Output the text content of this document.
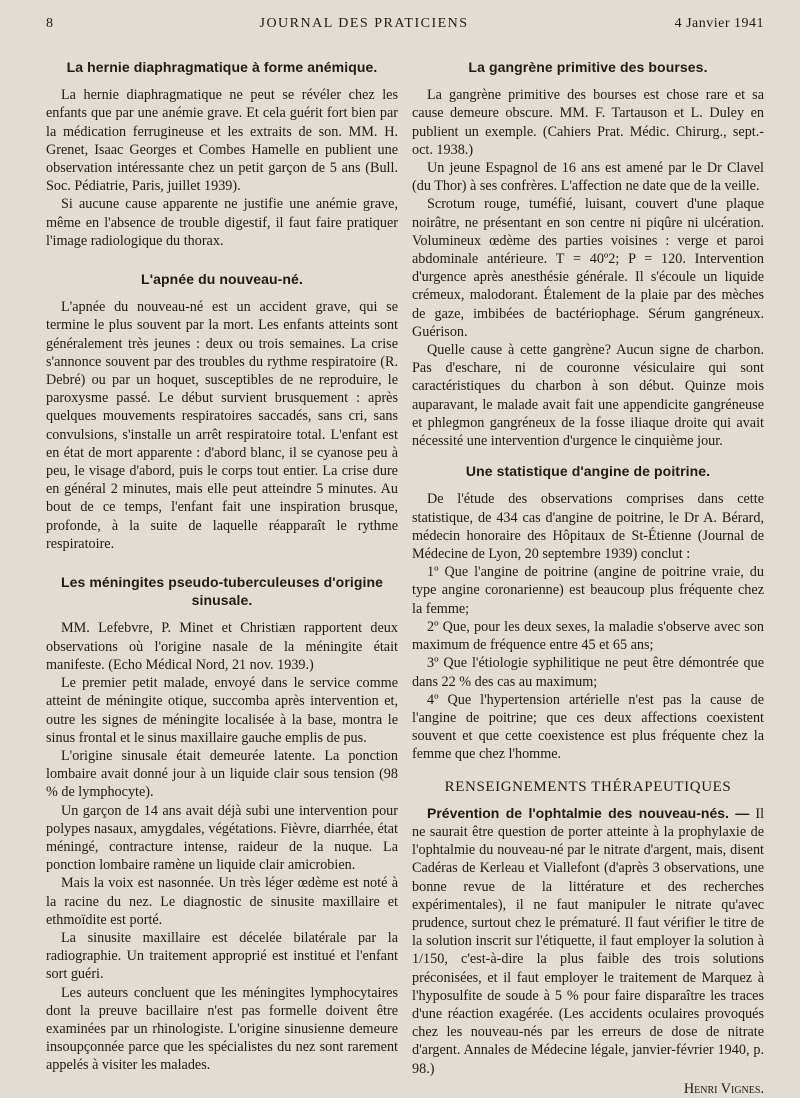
8	JOURNAL DES PRATICIENS	4 Janvier 1941
La hernie diaphragmatique à forme anémique.

La hernie diaphragmatique ne peut se révéler chez les enfants que par une anémie grave. Et cela guérit fort bien par la médication ferrugineuse et les extraits de son. MM. H. Grenet, Isaac Georges et Combes Hamelle en publient une observation intéressante chez un petit garçon de 5 ans (Bull. Soc. Pédiatrie, Paris, juillet 1939).

Si aucune cause apparente ne justifie une anémie grave, même en l'absence de trouble digestif, il faut faire pratiquer l'image radiologique du thorax.

L'apnée du nouveau-né.

L'apnée du nouveau-né est un accident grave, qui se termine le plus souvent par la mort. Les enfants atteints sont généralement très jeunes : deux ou trois semaines. La crise s'annonce souvent par des troubles du rythme respiratoire (R. Debré) ou par un hoquet, susceptibles de ne reproduire, le paroxysme passé. Le début survient brusquement : après quelques mouvements respiratoires saccadés, sans cri, sans convulsions, s'installe un arrêt respiratoire total. L'enfant est en état de mort apparente : d'abord blanc, il se cyanose peu à peu, le visage d'abord, puis le corps tout entier. La crise dure en général 2 minutes, mais elle peut atteindre 5 minutes. Au bout de ce temps, l'enfant fait une inspiration brusque, profonde, à la suite de laquelle réapparaît le rythme respiratoire.

Les méningites pseudo-tuberculeuses d'origine sinusale.

MM. Lefebvre, P. Minet et Christiæn rapportent deux observations où l'origine nasale de la méningite était manifeste. (Echo Médical Nord, 21 nov. 1939.)

Le premier petit malade, envoyé dans le service comme atteint de méningite otique, succomba après intervention et, outre les signes de méningite localisée à la base, montra le sinus frontal et le sinus maxillaire gauche emplis de pus.

L'origine sinusale était demeurée latente. La ponction lombaire avait donné jour à un liquide clair sous tension (98 % de lymphocyte).

Un garçon de 14 ans avait déjà subi une intervention pour polypes nasaux, amygdales, végétations. Fièvre, diarrhée, état méningé, contracture intense, raideur de la nuque. La ponction lombaire ramène un liquide clair amicrobien.

Mais la voix est nasonnée. Un très léger œdème est noté à la racine du nez. Le diagnostic de sinusite maxillaire et ethmoïdite est porté.

La sinusite maxillaire est décelée bilatérale par la radiographie. Un traitement approprié est institué et l'enfant sort guéri.

Les auteurs concluent que les méningites lymphocytaires dont la preuve bacillaire n'est pas formelle doivent être examinées par un rhinologiste. L'origine sinusienne demeure insoupçonnée parce que les spécialistes du nez sont rarement appelés à visiter les malades.

La gangrène primitive des bourses.

La gangrène primitive des bourses est chose rare et sa cause demeure obscure. MM. F. Tartauson et L. Duley en publient un exemple. (Cahiers Prat. Médic. Chirurg., sept.-oct. 1938.)

Un jeune Espagnol de 16 ans est amené par le Dr Clavel (du Thor) à ses confrères. L'affection ne date que de la veille.

Scrotum rouge, tuméfié, luisant, couvert d'une plaque noirâtre, ne présentant en son centre ni piqûre ni ulcération. Volumineux œdème des parties voisines : verge et paroi abdominale antérieure. T = 40º2; P = 120. Intervention d'urgence après anesthésie générale. Il s'écoule un liquide crémeux, malodorant. Étalement de la plaie par des mèches de gaze, imbibées de bactériophage. Sérum gangréneux. Guérison.

Quelle cause à cette gangrène? Aucun signe de charbon. Pas d'eschare, ni de couronne vésiculaire qui sont caractéristiques du charbon à son début. Quinze mois auparavant, le malade avait fait une appendicite gangréneuse et phlegmon gangréneux de la fosse iliaque droite qui avait nécessité une intervention d'urgence le cinquième jour.

Une statistique d'angine de poitrine.

De l'étude des observations comprises dans cette statistique, de 434 cas d'angine de poitrine, le Dr A. Bérard, médecin honoraire des Hôpitaux de St-Étienne (Journal de Médecine de Lyon, 20 septembre 1939) conclut :

1º Que l'angine de poitrine (angine de poitrine vraie, du type angine coronarienne) est beaucoup plus fréquente chez la femme;

2º Que, pour les deux sexes, la maladie s'observe avec son maximum de fréquence entre 45 et 65 ans;

3º Que l'étiologie syphilitique ne peut être démontrée que dans 22 % des cas au maximum;

4º Que l'hypertension artérielle n'est pas la cause de l'angine de poitrine; que ces deux affections coexistent souvent et que cette coexistence est plus fréquente chez la femme que chez l'homme.

RENSEIGNEMENTS THÉRAPEUTIQUES

Prévention de l'ophtalmie des nouveau-nés. — Il ne saurait être question de porter atteinte à la prophylaxie de l'ophtalmie du nouveau-né par le nitrate d'argent, mais, disent Cadéras de Kerleau et Viallefont (d'après 3 observations, une bonne revue de la littérature et des recherches expérimentales), il ne faut manipuler le nitrate qu'avec prudence, surtout chez le prématuré. Il faut vérifier le titre de la solution inscrit sur l'étiquette, il faut employer la solution à 1/150, c'est-à-dire la plus faible des trois solutions préconisées, et il faut employer le traitement de Marquez à l'hyposulfite de soude à 5 % pour faire disparaître les traces d'une réaction exagérée. (Les accidents oculaires provoqués chez les nouveau-nés par les erreurs de dose de nitrate d'argent. Annales de Médecine légale, janvier-février 1940, p. 98.)

Henri Vignes.
